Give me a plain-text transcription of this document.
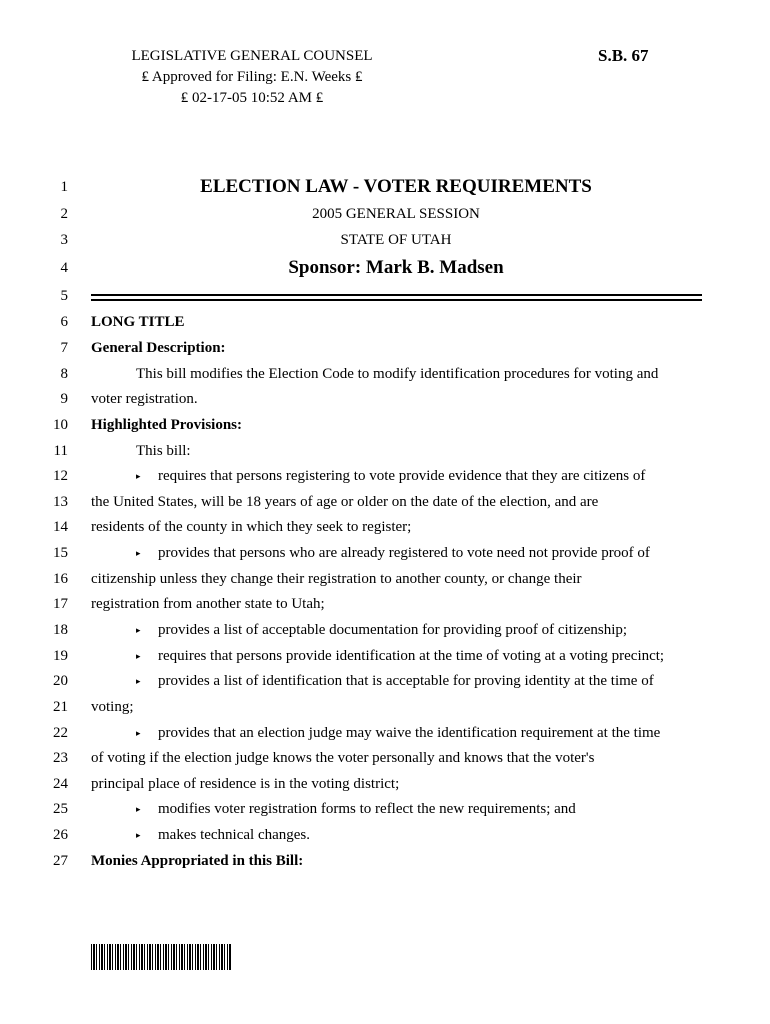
LEGISLATIVE GENERAL COUNSEL
₤ Approved for Filing: E.N. Weeks ₤
₤ 02-17-05 10:52 AM ₤
S.B. 67
1	ELECTION LAW - VOTER REQUIREMENTS
2	2005 GENERAL SESSION
3	STATE OF UTAH
4	Sponsor: Mark B. Madsen
5
6 LONG TITLE
7 General Description:
8	This bill modifies the Election Code to modify identification procedures for voting and
9 voter registration.
10 Highlighted Provisions:
11	This bill:
12	▸ requires that persons registering to vote provide evidence that they are citizens of
13 the United States, will be 18 years of age or older on the date of the election, and are
14 residents of the county in which they seek to register;
15	▸ provides that persons who are already registered to vote need not provide proof of
16 citizenship unless they change their registration to another county, or change their
17 registration from another state to Utah;
18	▸ provides a list of acceptable documentation for providing proof of citizenship;
19	▸ requires that persons provide identification at the time of voting at a voting precinct;
20	▸ provides a list of identification that is acceptable for proving identity at the time of
21 voting;
22	▸ provides that an election judge may waive the identification requirement at the time
23 of voting if the election judge knows the voter personally and knows that the voter's
24 principal place of residence is in the voting district;
25	▸ modifies voter registration forms to reflect the new requirements; and
26	▸ makes technical changes.
27 Monies Appropriated in this Bill:
